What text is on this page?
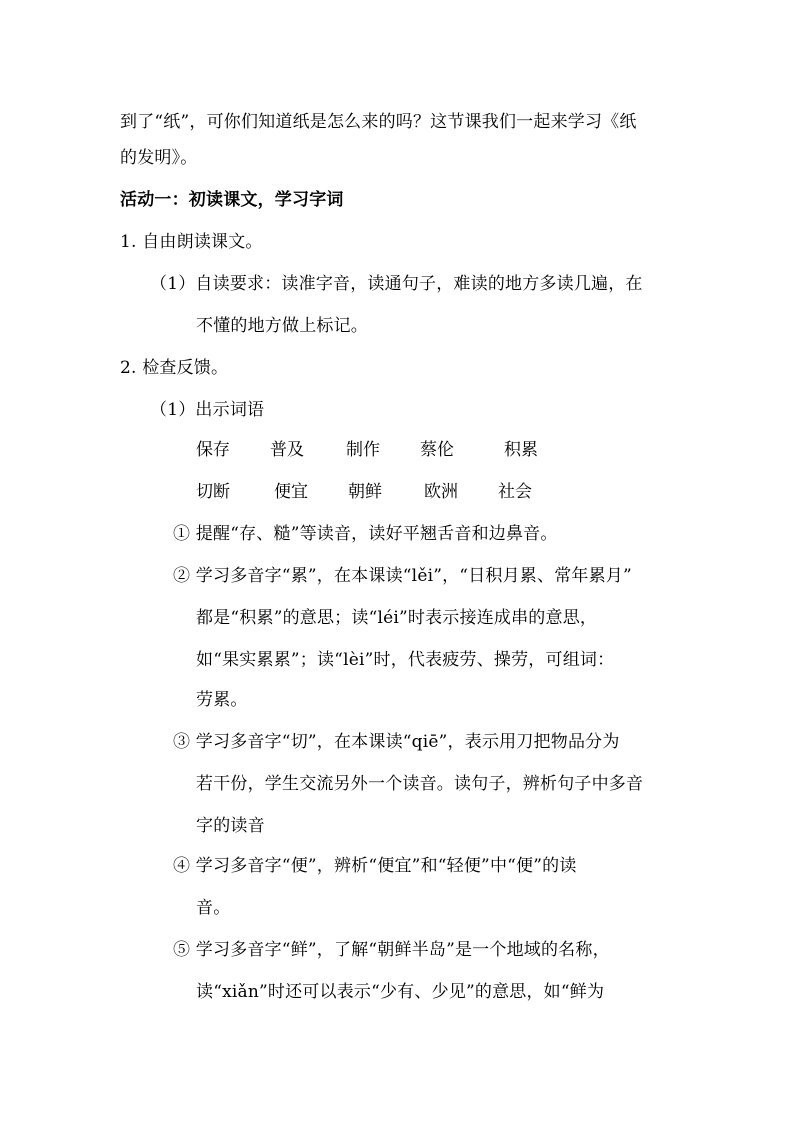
到了“纸”，可你们知道纸是怎么来的吗？这节课我们一起来学习《纸
的发明》。
活动一：初读课文，学习字词
1. 自由朗读课文。
（1）自读要求：读准字音，读通句子，难读的地方多读几遍，在
不懂的地方做上标记。
2. 检查反馈。
（1）出示词语
保存 普及 制作 蔡伦	积累
切断	便宜 朝鲜 欧洲 社会
① 提醒“存、糙”等读音，读好平翘舌音和边鼻音。
② 学习多音字“累”，在本课读“lěi”，“日积月累、常年累月”
都是“积累”的意思；读“léi”时表示接连成串的意思，
如“果实累累”；读“lèi”时，代表疲劳、操劳，可组词：
劳累。
③ 学习多音字“切”，在本课读“qiē”，表示用刀把物品分为
若干份，学生交流另外一个读音。读句子，辨析句子中多音
字的读音
④ 学习多音字“便”，辨析“便宜”和“轻便”中“便”的读
音。
⑤ 学习多音字“鲜”，了解“朝鲜半岛”是一个地域的名称，
读“xiǎn”时还可以表示“少有、少见”的意思，如“鲜为
